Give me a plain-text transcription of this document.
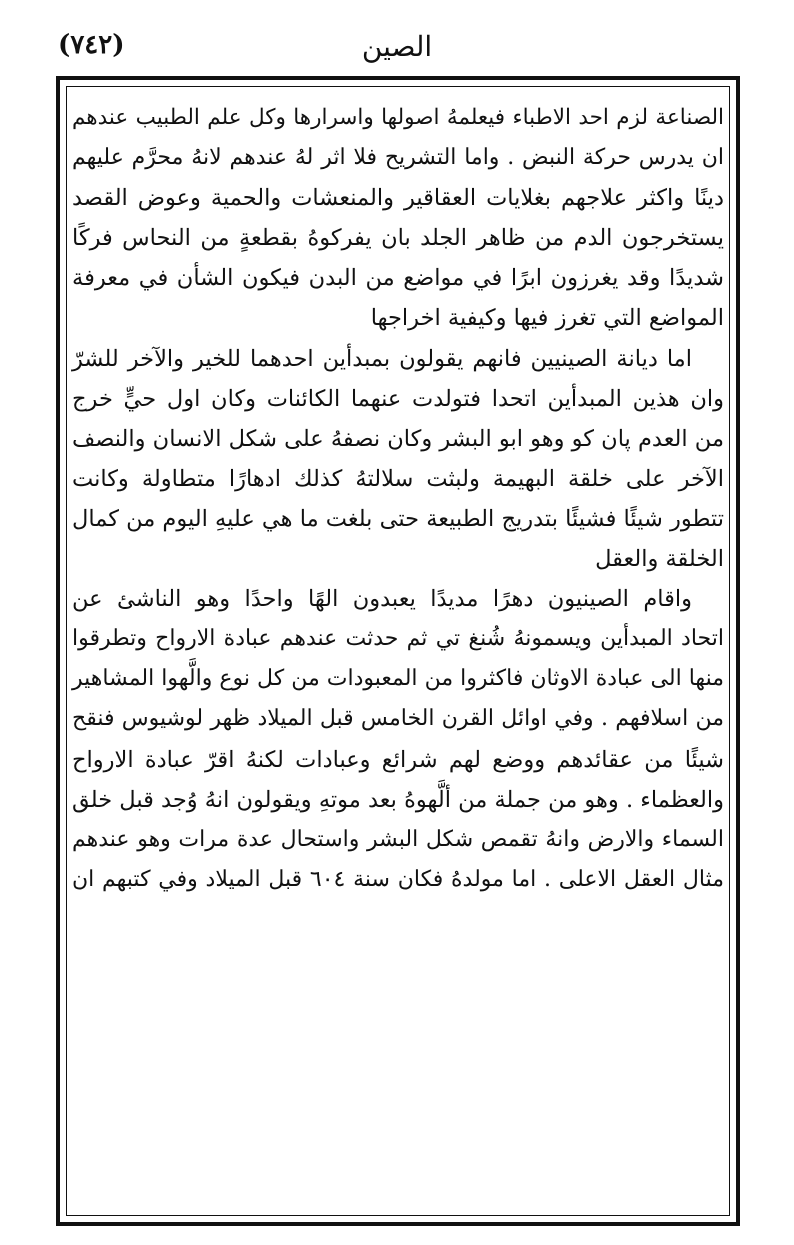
(٧٤٢)	الصين
الصناعة لزم احد الاطباء فيعلمهُ اصولها واسرارها وكل علم الطبيب عندهم
ان يدرس حركة النبض . واما التشريح فلا اثر لهُ عندهم لانهُ محرَّم عليهم
دينًا واكثر علاجهم بغلايات العقاقير والمنعشات والحمية وعوض القصد
يستخرجون الدم من ظاهر الجلد بان يفركوهُ بقطعةٍ من النحاس فركًا
شديدًا وقد يغرزون ابرًا في مواضع من البدن فيكون الشأن في معرفة
المواضع التي تغرز فيها وكيفية اخراجها
اما ديانة الصينيين فانهم يقولون بمبدأين احدهما للخير والآخر للشرّ
وان هذين المبدأين اتحدا فتولدت عنهما الكائنات وكان اول حيٍّ خرج
من العدم پان كو وهو ابو البشر وكان نصفهُ على شكل الانسان والنصف
الآخر على خلقة البهيمة ولبثت سلالتهُ كذلك ادهارًا متطاولة وكانت
تتطور شيئًا فشيئًا بتدريج الطبيعة حتى بلغت ما هي عليهِ اليوم من كمال
الخلقة والعقل
واقام الصينيون دهرًا مديدًا يعبدون الهًا واحدًا وهو الناشئ عن
اتحاد المبدأين ويسمونهُ شُنغ تي ثم حدثت عندهم عبادة الارواح وتطرقوا
منها الى عبادة الاوثان فاكثروا من المعبودات من كل نوع والَّهوا المشاهير
من اسلافهم . وفي اوائل القرن الخامس قبل الميلاد ظهر لوشيوس فنقح
شيئًا من عقائدهم ووضع لهم شرائع وعبادات لكنهُ اقرّ عبادة الارواح
والعظماء . وهو من جملة من ألَّهوهُ بعد موتهِ ويقولون انهُ وُجد قبل خلق
السماء والارض وانهُ تقمص شكل البشر واستحال عدة مرات وهو عندهم
مثال العقل الاعلى . اما مولدهُ فكان سنة ٦٠٤ قبل الميلاد وفي كتبهم ان
